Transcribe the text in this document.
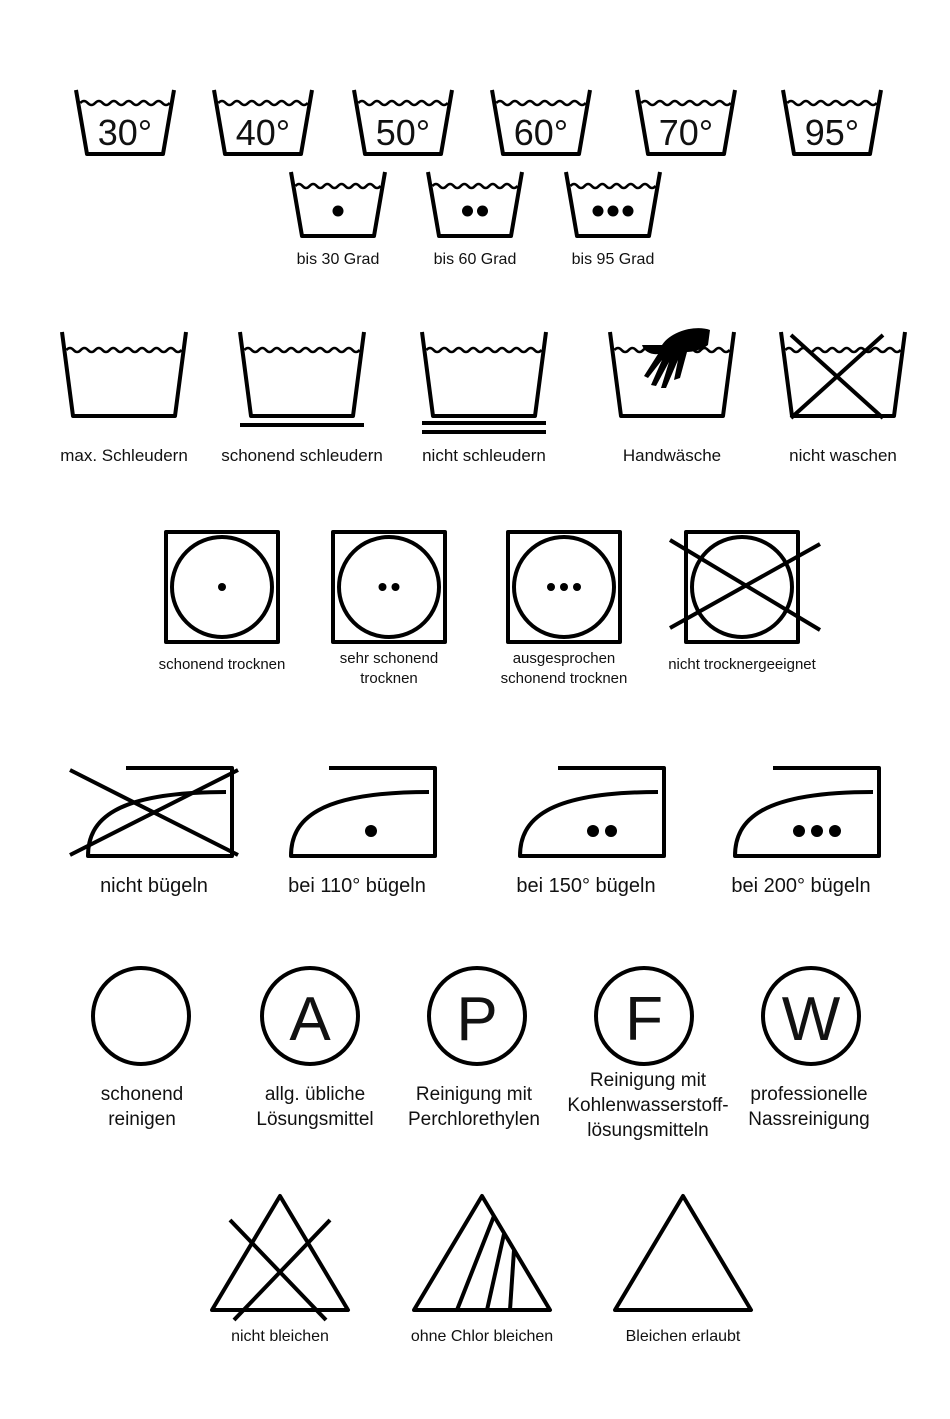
30° 40° 50° 60°	70°	95°
bis 30 Grad	bis 60 Grad	bis 95 Grad
max. Schleudern schonend schleudern nicht schleudern	Handwäsche	nicht waschen
schonend trocknen	sehr schonend
trocknen
ausgesprochen
schonend trocknen
nicht trocknergeeignet
nicht bügeln	bei 110° bügeln	bei 150° bügeln	bei 200° bügeln
schonend
reinigen
A
allg. übliche
Lösungsmittel
P
Reinigung mit
Perchlorethylen
F
Reinigung mit
Kohlenwasserstoff-
lösungsmitteln
W
professionelle
Nassreinigung
nicht bleichen	ohne Chlor bleichen	Bleichen erlaubt
